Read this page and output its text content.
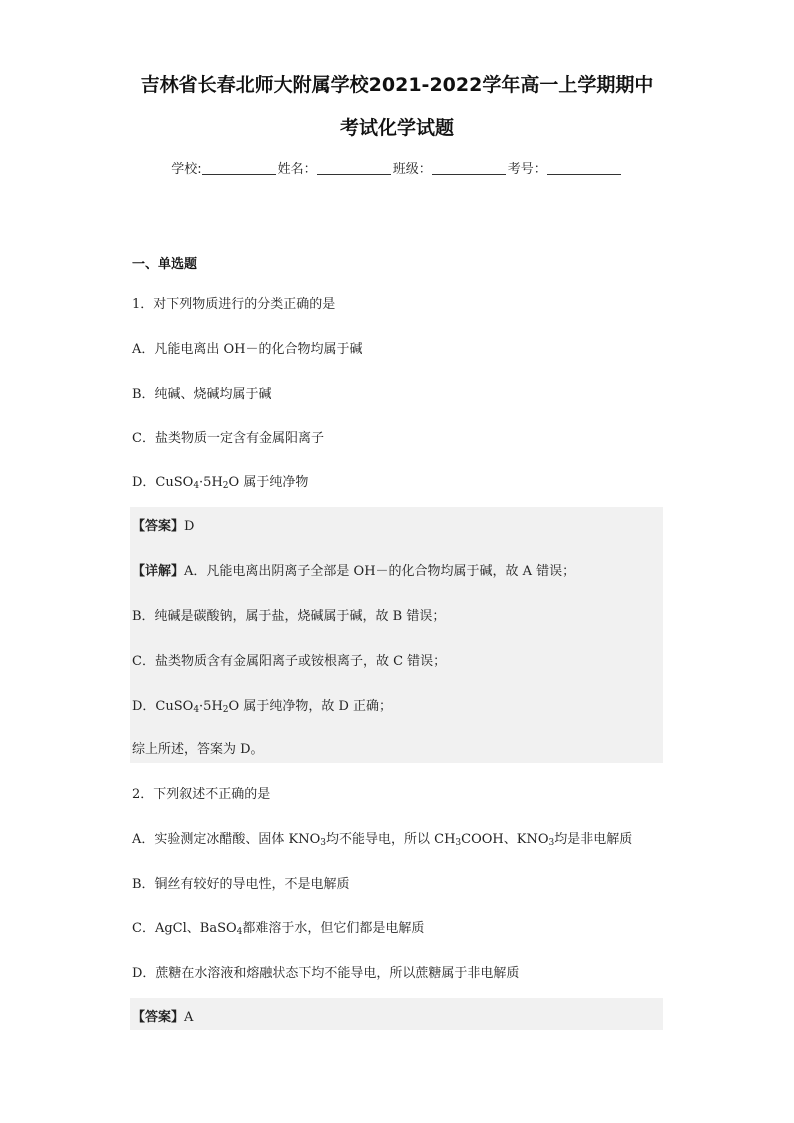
吉林省长春北师大附属学校2021-2022学年高一上学期期中
考试化学试题
学校:	姓名：	班级：	考号：
一、单选题
1．对下列物质进行的分类正确的是
A．凡能电离出 OH－的化合物均属于碱
B．纯碱、烧碱均属于碱
C．盐类物质一定含有金属阳离子
D．$CuSO_4\cdot 5H_2O$ 属于纯净物
【答案】D
【详解】A．凡能电离出阴离子全部是 OH－的化合物均属于碱，故 A 错误；
B．纯碱是碳酸钠，属于盐，烧碱属于碱，故 B 错误；
C．盐类物质含有金属阳离子或铵根离子，故 C 错误；
D．$CuSO_4\cdot 5H_2O$ 属于纯净物，故 D 正确；
综上所述，答案为 D。
2．下列叙述不正确的是
A．实验测定冰醋酸、固体 $KNO_3$均不能导电，所以 $CH_3COOH$、$KNO_3$均是非电解质
B．铜丝有较好的导电性，不是电解质
C．AgCl、BaSO$_4$都难溶于水，但它们都是电解质
D．蔗糖在水溶液和熔融状态下均不能导电，所以蔗糖属于非电解质
【答案】A
